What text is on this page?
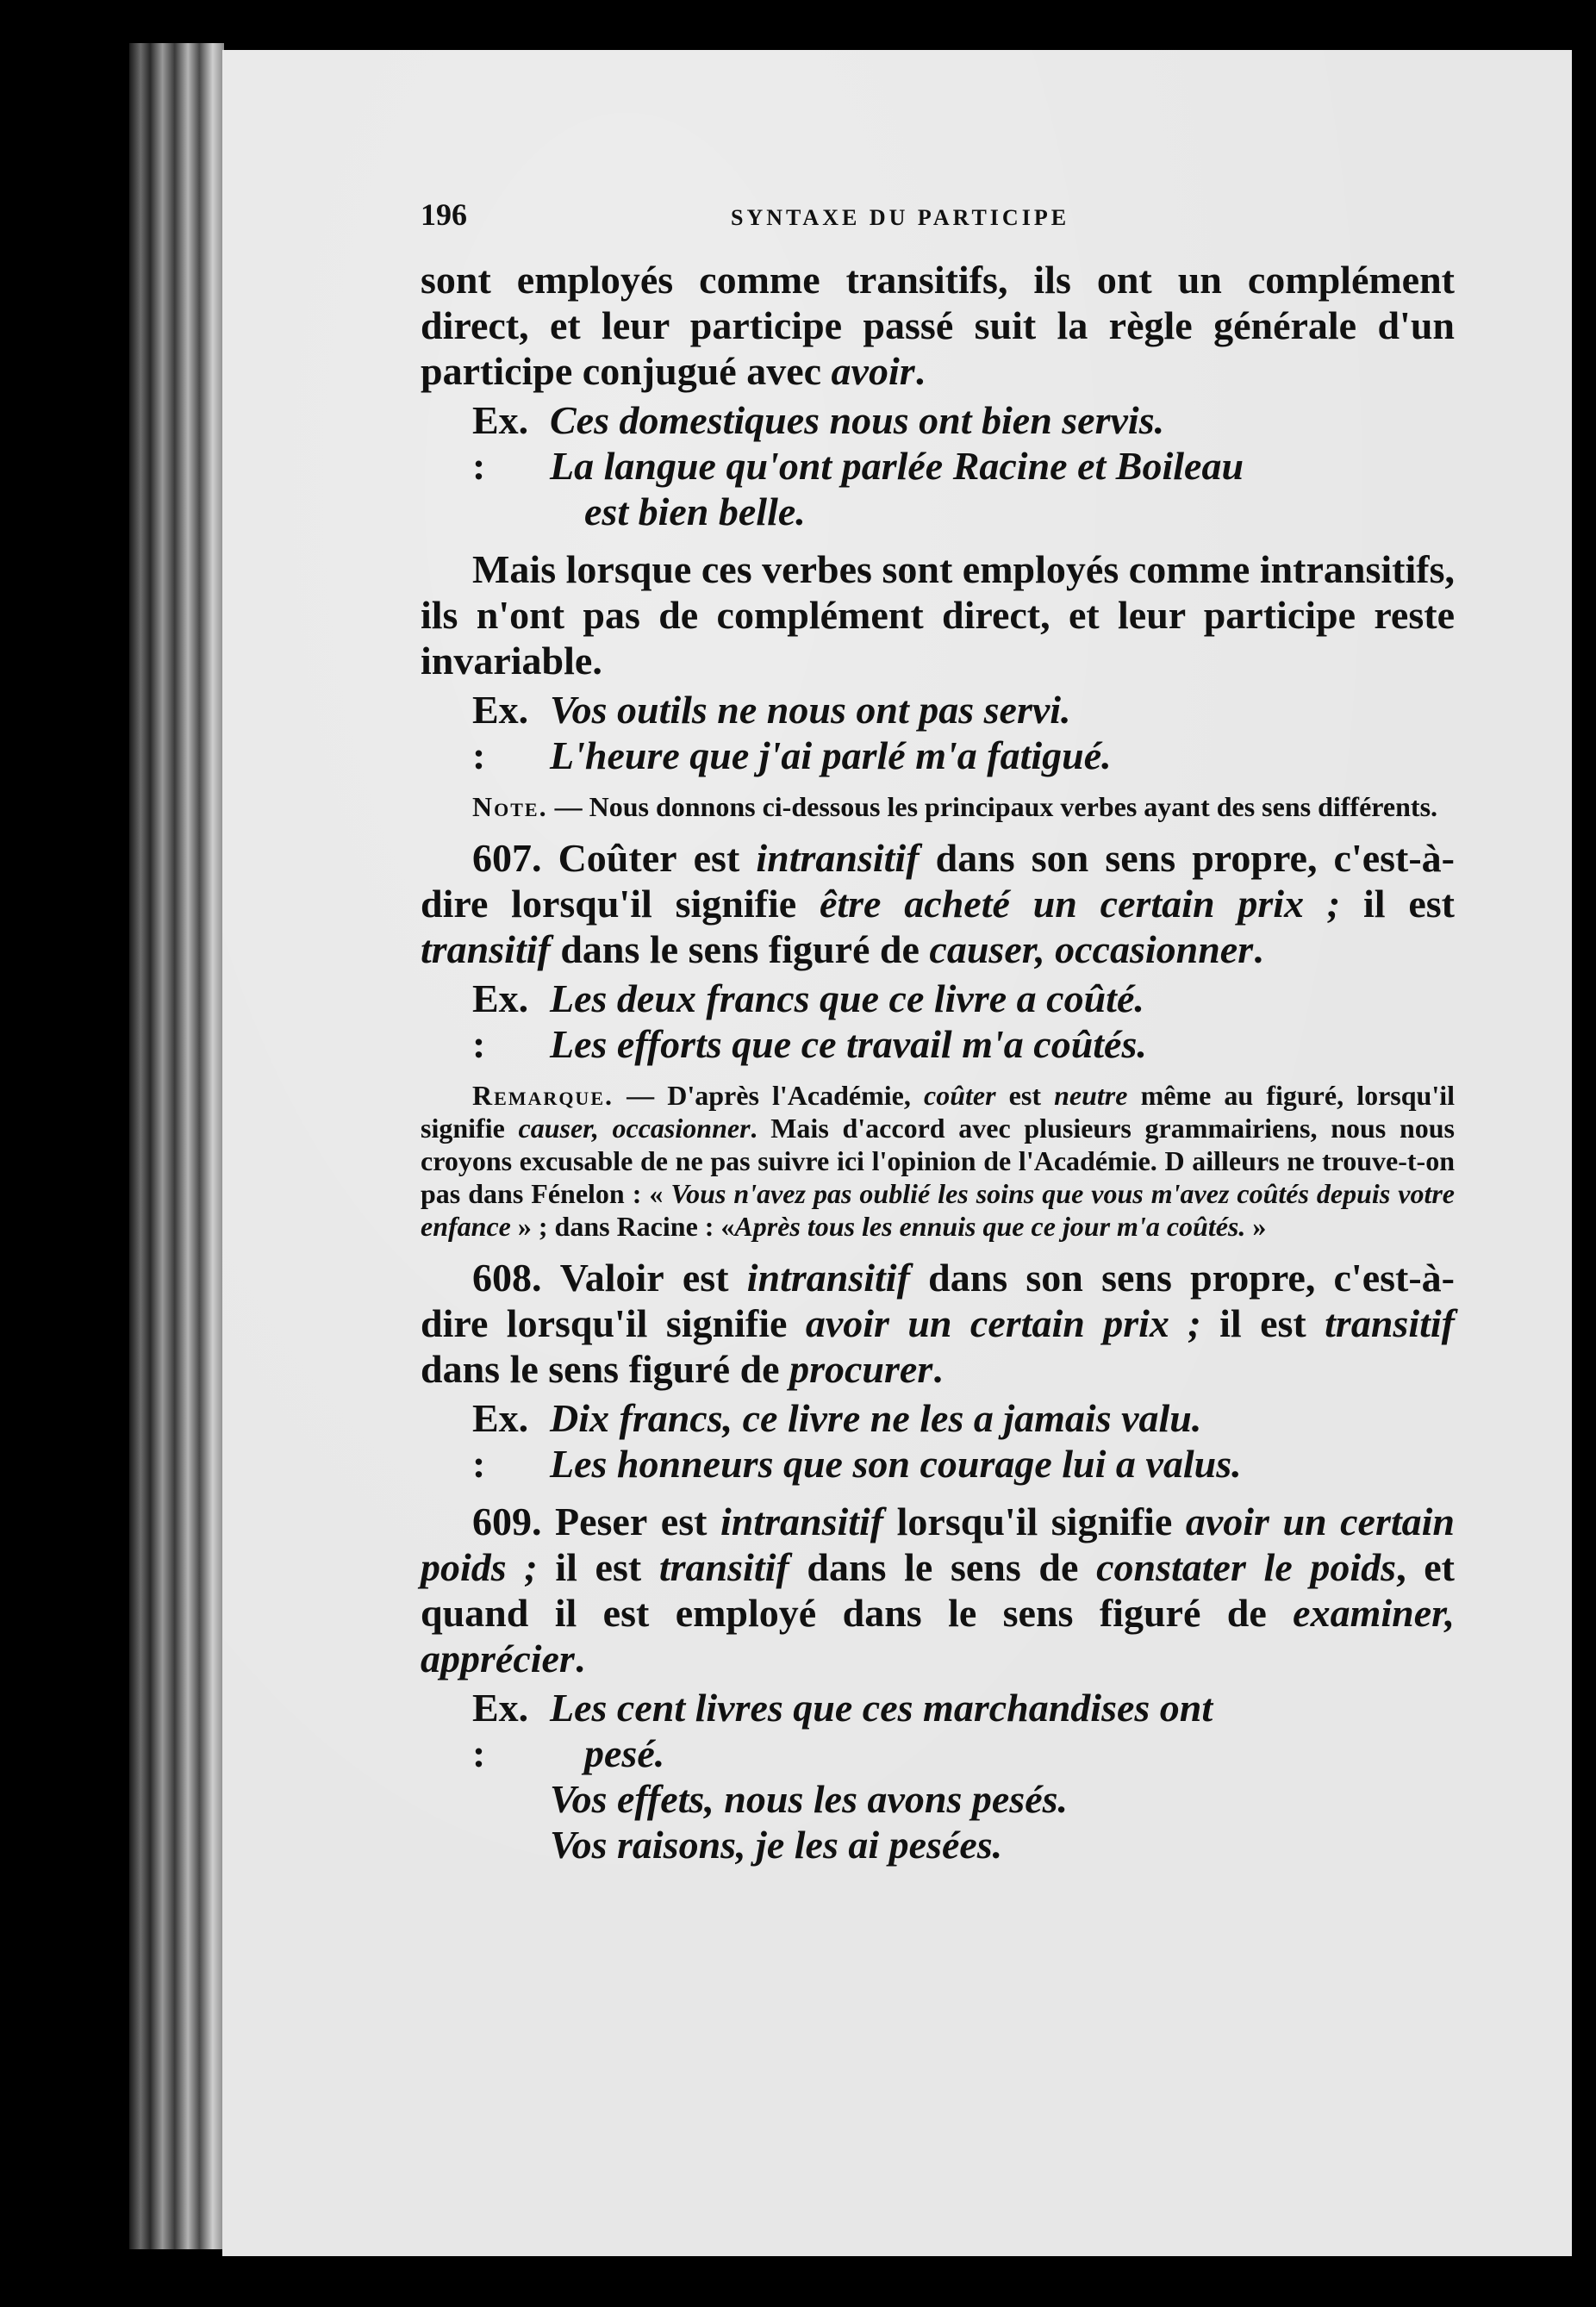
196	SYNTAXE DU PARTICIPE

sont employés comme transitifs, ils ont un complément direct, et leur participe passé suit la règle générale d'un participe conjugué avec avoir.

Ex. :
Ces domestiques nous ont bien servis.
La langue qu'ont parlée Racine et Boileau
est bien belle.

Mais lorsque ces verbes sont employés comme intransitifs, ils n'ont pas de complément direct, et leur participe reste invariable.

Ex. :
Vos outils ne nous ont pas servi.
L'heure que j'ai parlé m'a fatigué.

Note. — Nous donnons ci-dessous les principaux verbes ayant des sens différents.

607. Coûter est intransitif dans son sens propre, c'est-à-dire lorsqu'il signifie être acheté un certain prix ; il est transitif dans le sens figuré de causer, occasionner.

Ex. :
Les deux francs que ce livre a coûté.
Les efforts que ce travail m'a coûtés.

Remarque. — D'après l'Académie, coûter est neutre même au figuré, lorsqu'il signifie causer, occasionner. Mais d'accord avec plusieurs grammairiens, nous nous croyons excusable de ne pas suivre ici l'opinion de l'Académie. D ailleurs ne trouve-t-on pas dans Fénelon : « Vous n'avez pas oublié les soins que vous m'avez coûtés depuis votre enfance » ; dans Racine : «Après tous les ennuis que ce jour m'a coûtés. »

608. Valoir est intransitif dans son sens propre, c'est-à-dire lorsqu'il signifie avoir un certain prix ; il est transitif dans le sens figuré de procurer.

Ex. :
Dix francs, ce livre ne les a jamais valu.
Les honneurs que son courage lui a valus.

609. Peser est intransitif lorsqu'il signifie avoir un certain poids ; il est transitif dans le sens de constater le poids, et quand il est employé dans le sens figuré de examiner, apprécier.

Ex. :
Les cent livres que ces marchandises ont
pesé.
Vos effets, nous les avons pesés.
Vos raisons, je les ai pesées.
